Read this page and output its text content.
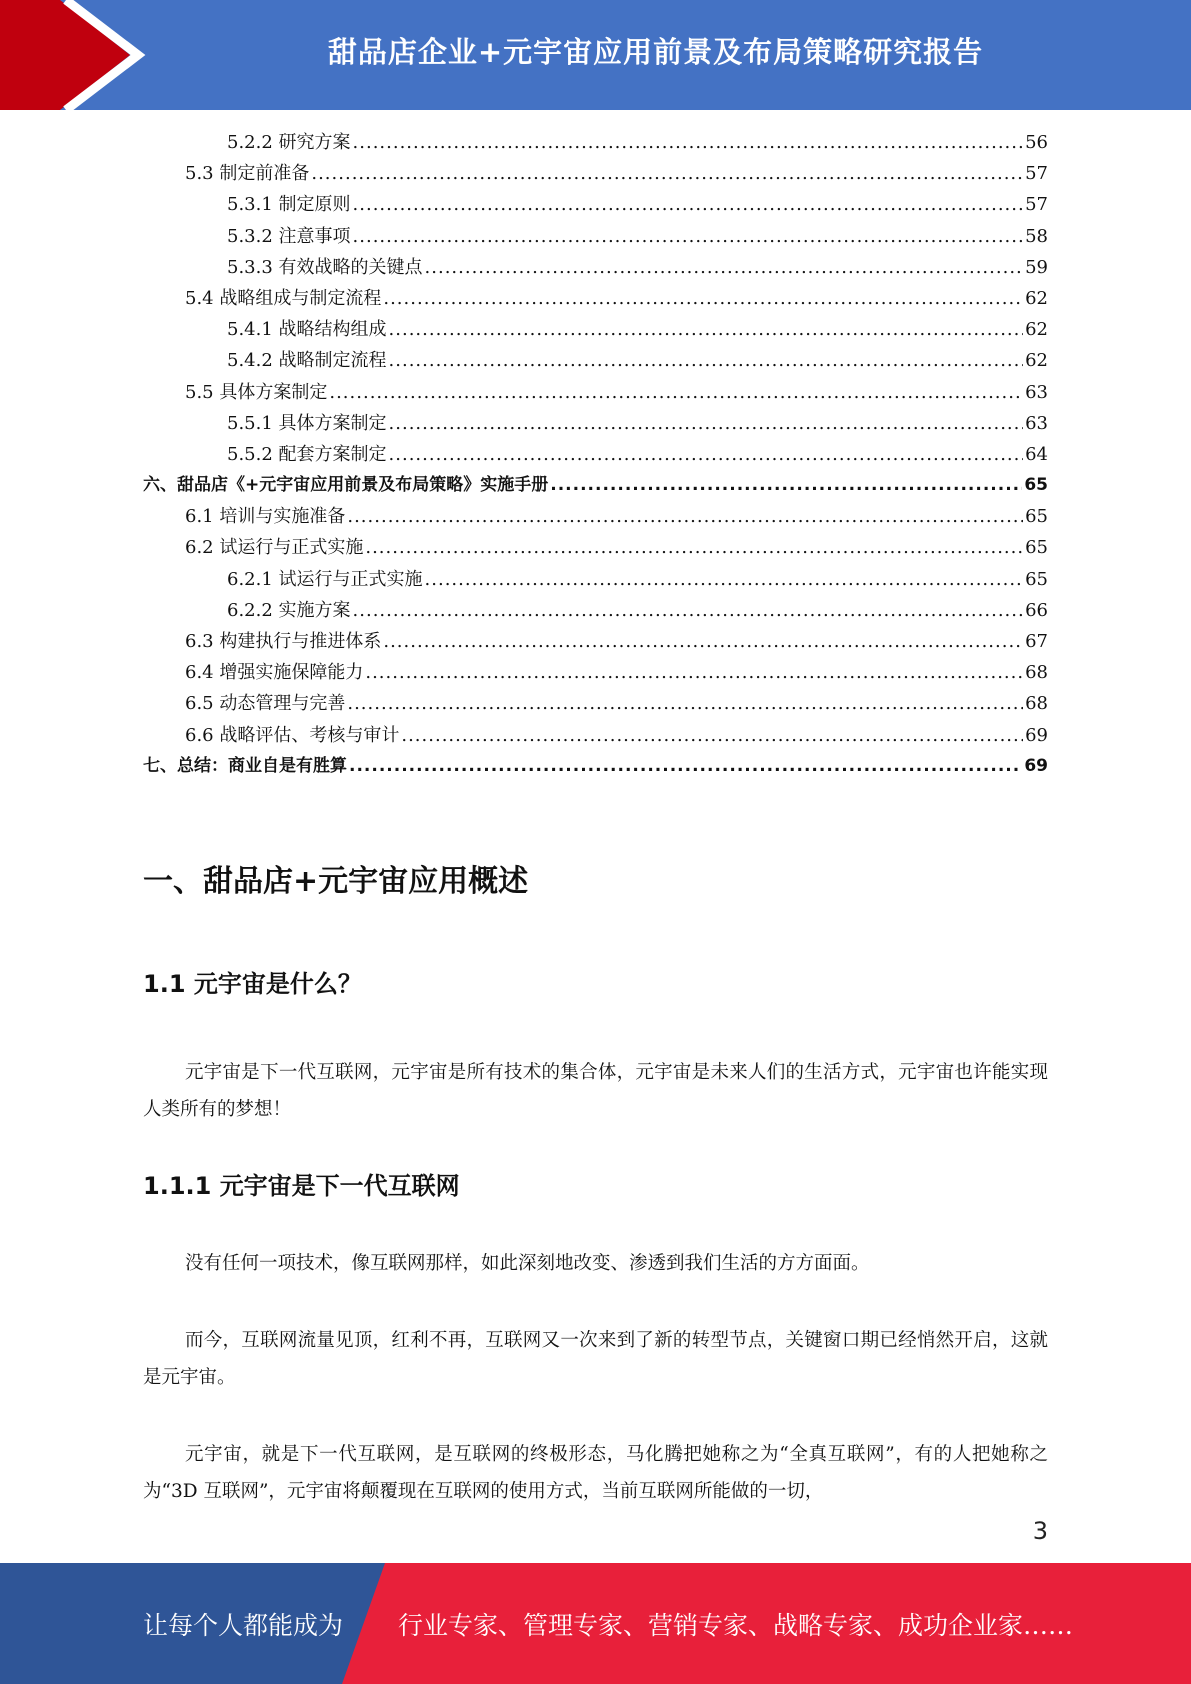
甜品店企业+元宇宙应用前景及布局策略研究报告
5.2.2 研究方案 .....	56
5.3 制定前准备 .....	57
5.3.1 制定原则 .....	57
5.3.2 注意事项 .....	58
5.3.3 有效战略的关键点 .....	59
5.4 战略组成与制定流程 .....	62
5.4.1 战略结构组成 .....	62
5.4.2 战略制定流程 .....	62
5.5 具体方案制定 .....	63
5.5.1 具体方案制定 .....	63
5.5.2 配套方案制定 .....	64
六、甜品店《+元宇宙应用前景及布局策略》实施手册 .....	65
6.1 培训与实施准备 .....	65
6.2 试运行与正式实施 .....	65
6.2.1 试运行与正式实施 .....	65
6.2.2 实施方案 .....	66
6.3 构建执行与推进体系 .....	67
6.4 增强实施保障能力 .....	68
6.5 动态管理与完善 .....	68
6.6 战略评估、考核与审计 .....	69
七、总结：商业自是有胜算 .....	69
一、甜品店+元宇宙应用概述
1.1 元宇宙是什么？

元宇宙是下一代互联网，元宇宙是所有技术的集合体，元宇宙是未来人们的生活方式，元宇宙也许能实现人类所有的梦想！

1.1.1 元宇宙是下一代互联网

没有任何一项技术，像互联网那样，如此深刻地改变、渗透到我们生活的方方面面。

而今，互联网流量见顶，红利不再，互联网又一次来到了新的转型节点，关键窗口期已经悄然开启，这就是元宇宙。

元宇宙，就是下一代互联网，是互联网的终极形态，马化腾把她称之为“全真互联网”，有的人把她称之为“3D 互联网”，元宇宙将颠覆现在互联网的使用方式，当前互联网所能做的一切，

3
让每个人都能成为 行业专家、管理专家、营销专家、战略专家、成功企业家……
